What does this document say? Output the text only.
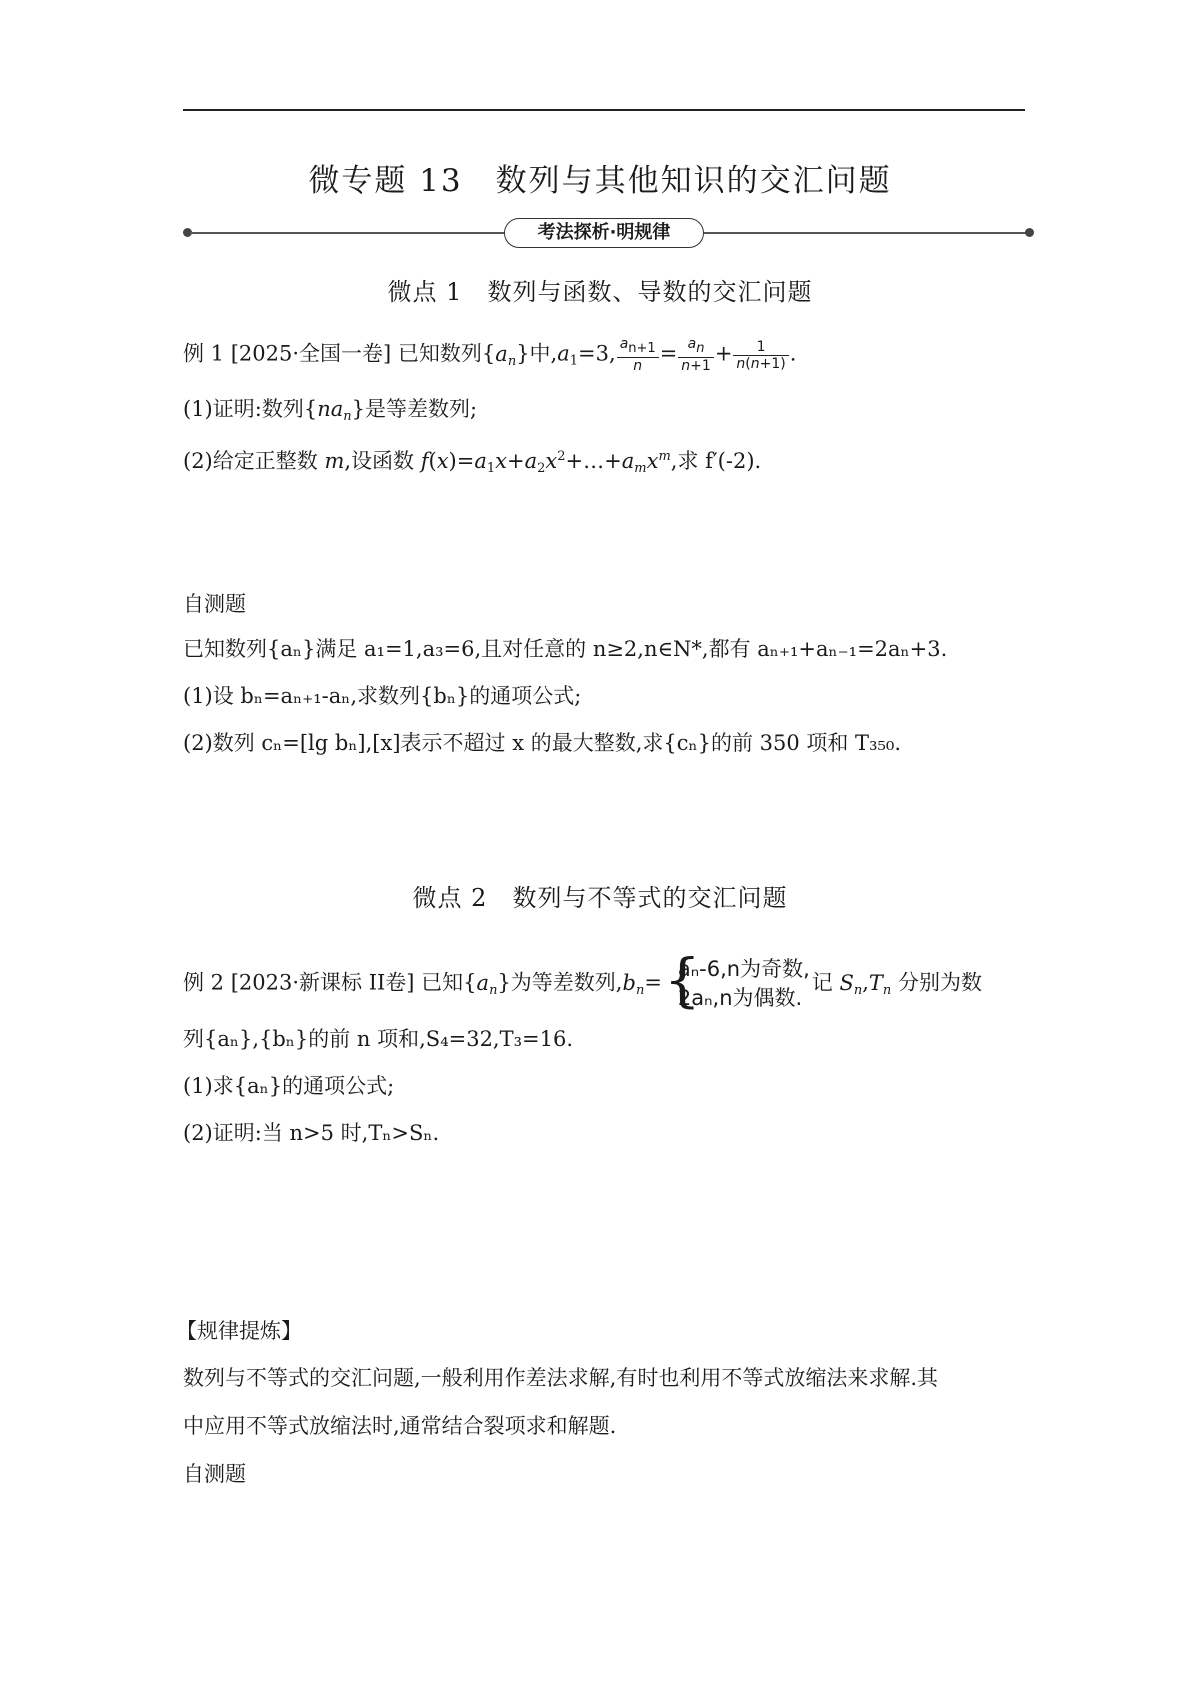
微专题 13　数列与其他知识的交汇问题
考法探析·明规律
微点 1　数列与函数、导数的交汇问题
例 1 [2025·全国一卷] 已知数列$\{a_n\}$中$,a_1=3$, $\frac{a_{n+1}}{n} = \frac{a_n}{n+1} + \frac{1}{n(n+1)}$ .
(1)证明:数列$\{na_n\}$是等差数列;
(2)给定正整数 m,设函数 $f(x)=a_1x+a_2x^2+\dots+a_mx^m$,求 f′(-2).
自测题
已知数列{aₙ}满足 a₁=1,a₃=6,且对任意的 n≥2,n∈N*,都有 aₙ₊₁+aₙ₋₁=2aₙ+3.
(1)设 bₙ=aₙ₊₁-aₙ,求数列{bₙ}的通项公式;
(2)数列 cₙ=[lg bₙ],[x]表示不超过 x 的最大整数,求{cₙ}的前 350 项和 T₃₅₀.
微点 2　数列与不等式的交汇问题
例 2 [2023·新课标 II卷] 已知$\{a_n\}$为等差数列$,b_n=$ {
aₙ-6,n为奇数,
2aₙ,n为偶数.
记 $S_n,T_n$ 分别为数
列{aₙ},{bₙ}的前 n 项和,S₄=32,T₃=16.
(1)求{aₙ}的通项公式;
(2)证明:当 n>5 时,Tₙ>Sₙ.
【规律提炼】
数列与不等式的交汇问题,一般利用作差法求解,有时也利用不等式放缩法来求解.其
中应用不等式放缩法时,通常结合裂项求和解题.
自测题
